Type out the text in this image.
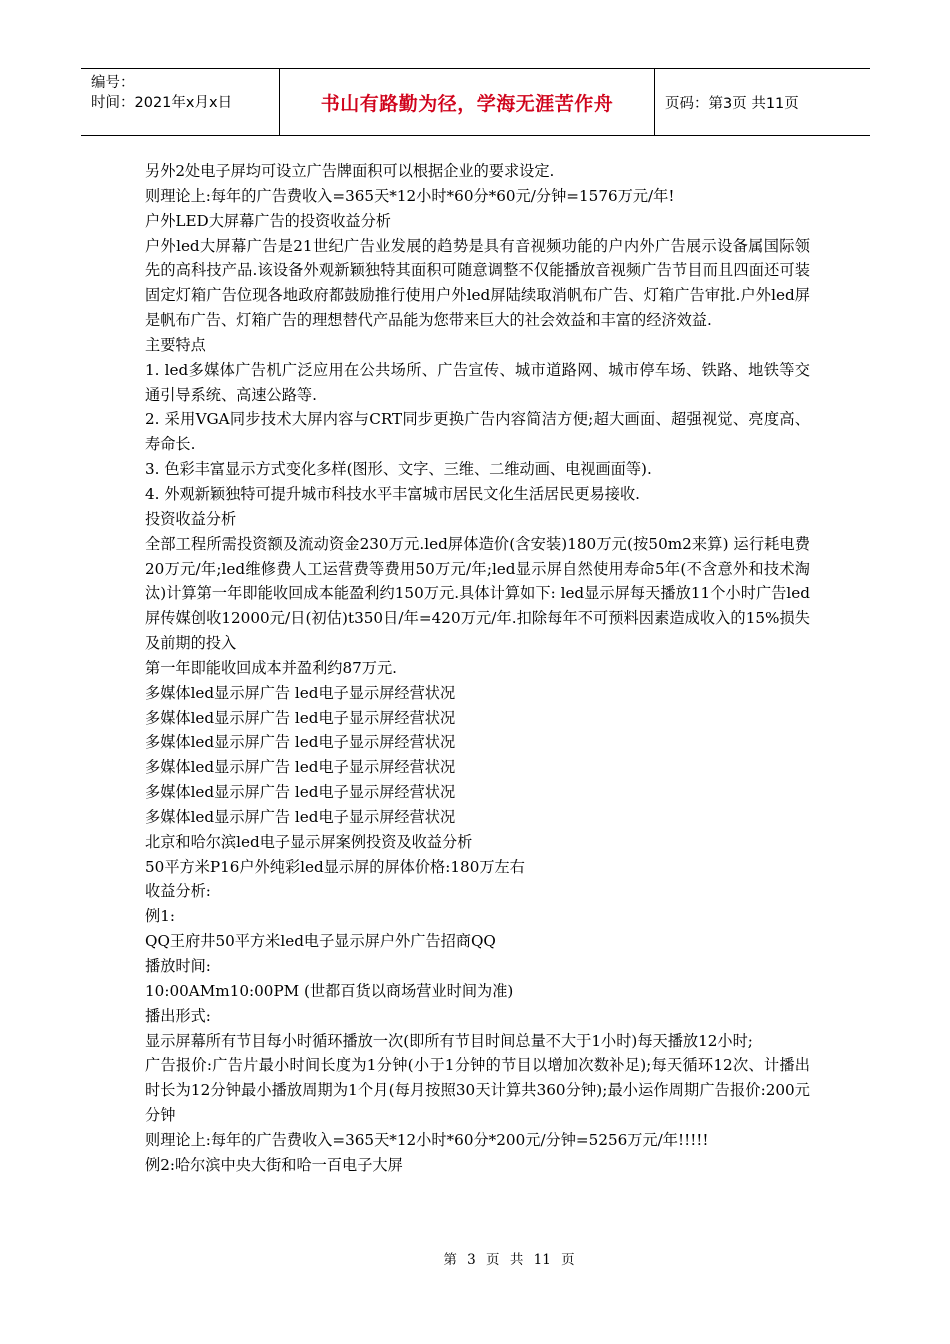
编号：
时间：2021年x月x日	书山有路勤为径，学海无涯苦作舟	页码：第3页 共11页

另外2处电子屏均可设立广告牌面积可以根据企业的要求设定.

则理论上:每年的广告费收入=365天*12小时*60分*60元/分钟=1576万元/年!

户外LED大屏幕广告的投资收益分析

户外led大屏幕广告是21世纪广告业发展的趋势是具有音视频功能的户内外广告展示设备属国际领先的高科技产品.该设备外观新颖独特其面积可随意调整不仅能播放音视频广告节目而且四面还可装固定灯箱广告位现各地政府都鼓励推行使用户外led屏陆续取消帆布广告、灯箱广告审批.户外led屏是帆布广告、灯箱广告的理想替代产品能为您带来巨大的社会效益和丰富的经济效益.

主要特点

1. led多媒体广告机广泛应用在公共场所、广告宣传、城市道路网、城市停车场、铁路、地铁等交通引导系统、高速公路等.

2. 采用VGA同步技术大屏内容与CRT同步更换广告内容简洁方便;超大画面、超强视觉、亮度高、寿命长.

3. 色彩丰富显示方式变化多样(图形、文字、三维、二维动画、电视画面等).

4. 外观新颖独特可提升城市科技水平丰富城市居民文化生活居民更易接收.

投资收益分析

全部工程所需投资额及流动资金230万元.led屏体造价(含安装)180万元(按50m2来算) 运行耗电费20万元/年;led维修费人工运营费等费用50万元/年;led显示屏自然使用寿命5年(不含意外和技术淘汰)计算第一年即能收回成本能盈利约150万元.具体计算如下: led显示屏每天播放11个小时广告led屏传媒创收12000元/日(初估)t350日/年=420万元/年.扣除每年不可预料因素造成收入的15%损失及前期的投入

第一年即能收回成本并盈利约87万元.

多媒体led显示屏广告 led电子显示屏经营状况

多媒体led显示屏广告 led电子显示屏经营状况

多媒体led显示屏广告 led电子显示屏经营状况

多媒体led显示屏广告 led电子显示屏经营状况

多媒体led显示屏广告 led电子显示屏经营状况

多媒体led显示屏广告 led电子显示屏经营状况

北京和哈尔滨led电子显示屏案例投资及收益分析

50平方米P16户外纯彩led显示屏的屏体价格:180万左右

收益分析:

例1:

QQ王府井50平方米led电子显示屏户外广告招商QQ

播放时间:

10:00AMm10:00PM (世都百货以商场营业时间为准)

播出形式:

显示屏幕所有节目每小时循环播放一次(即所有节目时间总量不大于1小时)每天播放12小时;

广告报价:广告片最小时间长度为1分钟(小于1分钟的节目以增加次数补足);每天循环12次、计播出时长为12分钟最小播放周期为1个月(每月按照30天计算共360分钟);最小运作周期广告报价:200元分钟

则理论上:每年的广告费收入=365天*12小时*60分*200元/分钟=5256万元/年!!!!!

例2:哈尔滨中央大街和哈一百电子大屏

第 3 页 共 11 页
